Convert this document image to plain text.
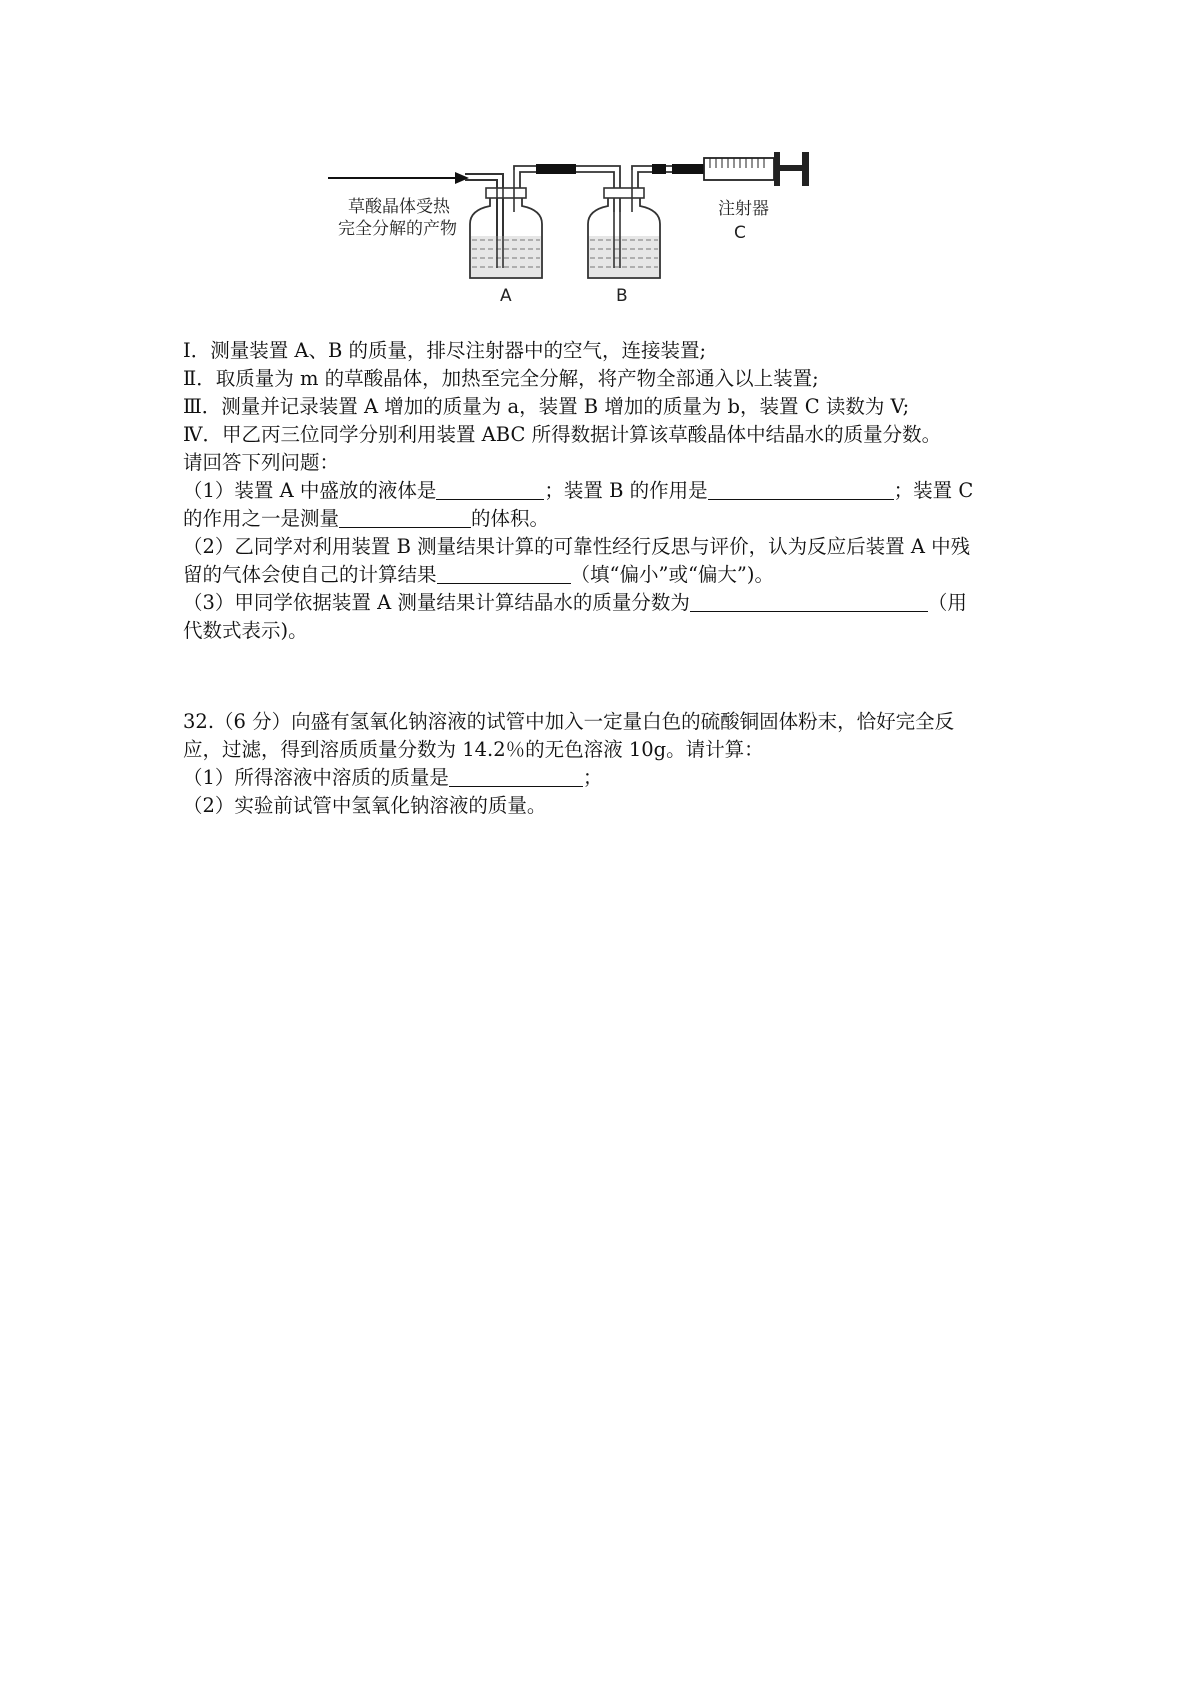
草酸晶体受热
完全分解的产物
A	B
注射器
C
Ⅰ．测量装置 A、B 的质量，排尽注射器中的空气，连接装置;
Ⅱ．取质量为 m 的草酸晶体，加热至完全分解，将产物全部通入以上装置;
Ⅲ．测量并记录装置 A 增加的质量为 a，装置 B 增加的质量为 b，装置 C 读数为 V;
Ⅳ．甲乙丙三位同学分别利用装置 ABC 所得数据计算该草酸晶体中结晶水的质量分数。
请回答下列问题：
（1）装置 A 中盛放的液体是	；装置 B 的作用是	；装置 C
的作用之一是测量	的体积。
（2）乙同学对利用装置 B 测量结果计算的可靠性经行反思与评价，认为反应后装置 A 中残
留的气体会使自己的计算结果	（填“偏小”或“偏大”)。
（3）甲同学依据装置 A 测量结果计算结晶水的质量分数为	（用
代数式表示)。
32.（6 分）向盛有氢氧化钠溶液的试管中加入一定量白色的硫酸铜固体粉末，恰好完全反
应，过滤，得到溶质质量分数为 14.2％的无色溶液 10g。请计算：
（1）所得溶液中溶质的质量是	；
（2）实验前试管中氢氧化钠溶液的质量。
